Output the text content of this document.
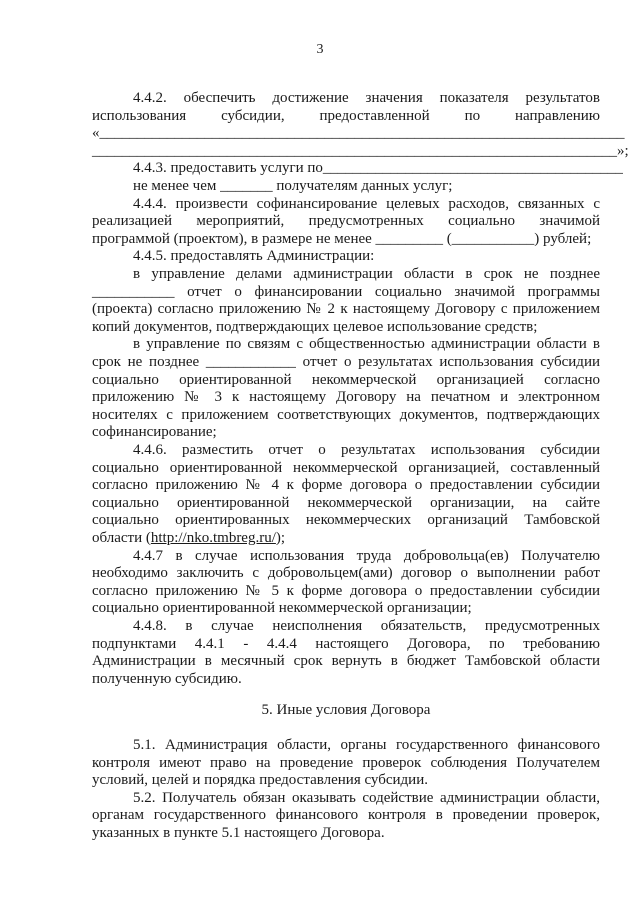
3
4.4.2. обеспечить достижение значения показателя результатов
использования субсидии, предоставленной по направлению
«______________________________________________________________________
______________________________________________________________________»;
4.4.3. предоставить услуги по________________________________________
не менее чем _______ получателям данных услуг;
4.4.4. произвести софинансирование целевых расходов, связанных с
реализацией мероприятий, предусмотренных социально значимой
программой (проектом), в размере не менее _________ (___________) рублей;
4.4.5. предоставлять Администрации:
в управление делами администрации области в срок не позднее
___________ отчет о финансировании социально значимой программы
(проекта) согласно приложению № 2 к настоящему Договору с приложением
копий документов, подтверждающих целевое использование средств;
в управление по связям с общественностью администрации области в
срок не позднее ____________ отчет о результатах использования субсидии
социально ориентированной некоммерческой организацией согласно
приложению № 3 к настоящему Договору на печатном и электронном
носителях с приложением соответствующих документов, подтверждающих
софинансирование;
4.4.6. разместить отчет о результатах использования субсидии
социально ориентированной некоммерческой организацией, составленный
согласно приложению № 4 к форме договора о предоставлении субсидии
социально ориентированной некоммерческой организации, на сайте
социально ориентированных некоммерческих организаций Тамбовской
области (http://nko.tmbreg.ru/);
4.4.7 в случае использования труда добровольца(ев) Получателю
необходимо заключить с добровольцем(ами) договор о выполнении работ
согласно приложению № 5 к форме договора о предоставлении субсидии
социально ориентированной некоммерческой организации;
4.4.8. в случае неисполнения обязательств, предусмотренных
подпунктами 4.4.1 - 4.4.4 настоящего Договора, по требованию
Администрации в месячный срок вернуть в бюджет Тамбовской области
полученную субсидию.
5. Иные условия Договора
5.1. Администрация области, органы государственного финансового
контроля имеют право на проведение проверок соблюдения Получателем
условий, целей и порядка предоставления субсидии.
5.2. Получатель обязан оказывать содействие администрации области,
органам государственного финансового контроля в проведении проверок,
указанных в пункте 5.1 настоящего Договора.
